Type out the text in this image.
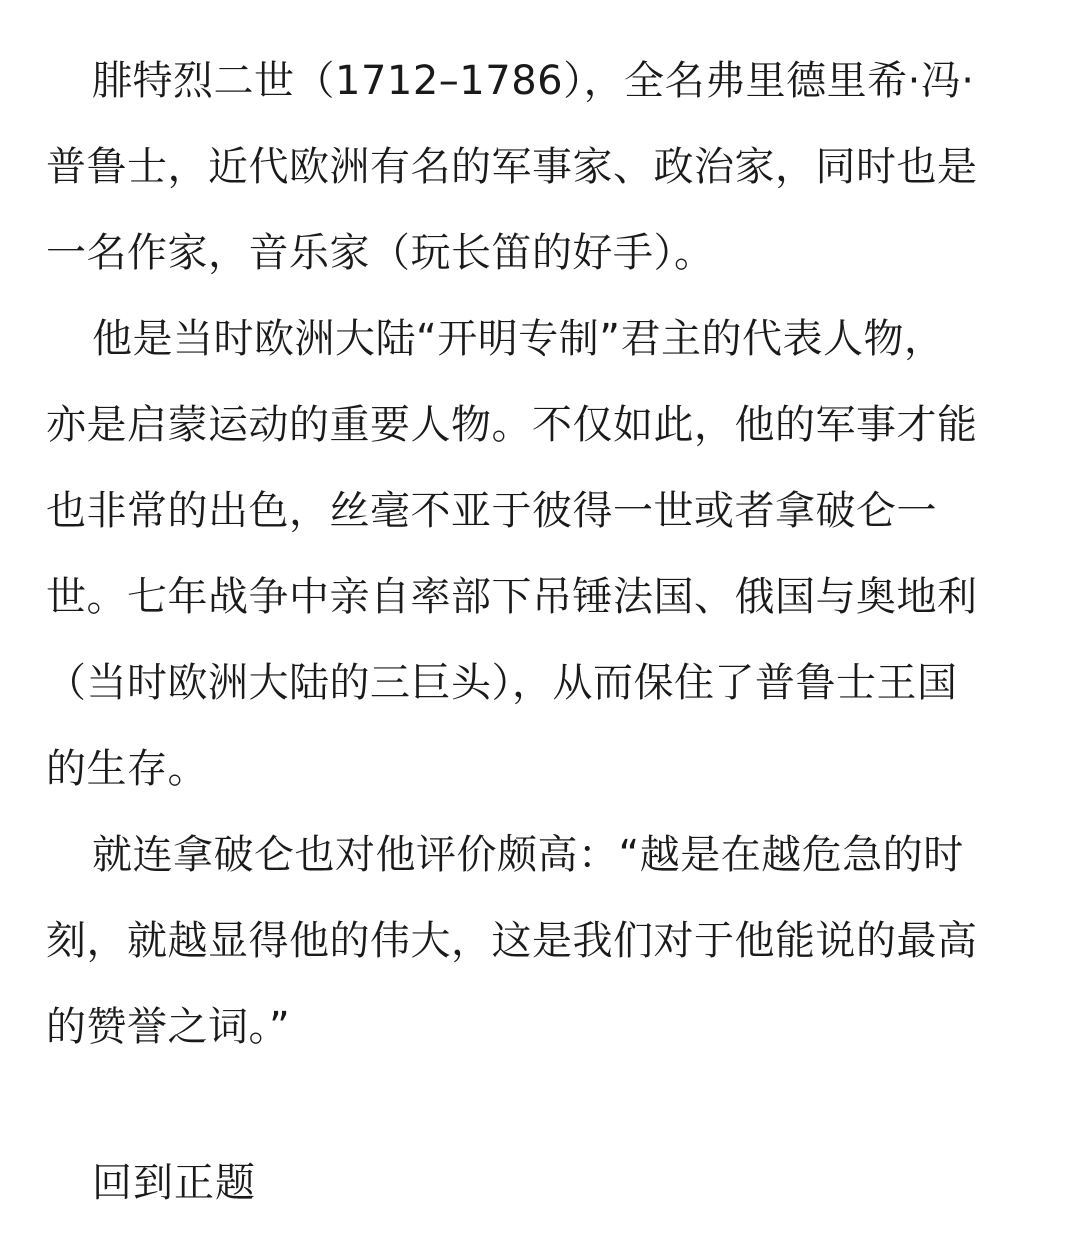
腓特烈二世（1712–1786），全名弗里德里希·冯·
普鲁士，近代欧洲有名的军事家、政治家，同时也是
一名作家，音乐家（玩长笛的好手）。

他是当时欧洲大陆“开明专制”君主的代表人物，
亦是启蒙运动的重要人物。不仅如此，他的军事才能
也非常的出色，丝毫不亚于彼得一世或者拿破仑一
世。七年战争中亲自率部下吊锤法国、俄国与奥地利
（当时欧洲大陆的三巨头），从而保住了普鲁士王国
的生存。

就连拿破仑也对他评价颇高：“越是在越危急的时
刻，就越显得他的伟大，这是我们对于他能说的最高
的赞誉之词。”

回到正题
